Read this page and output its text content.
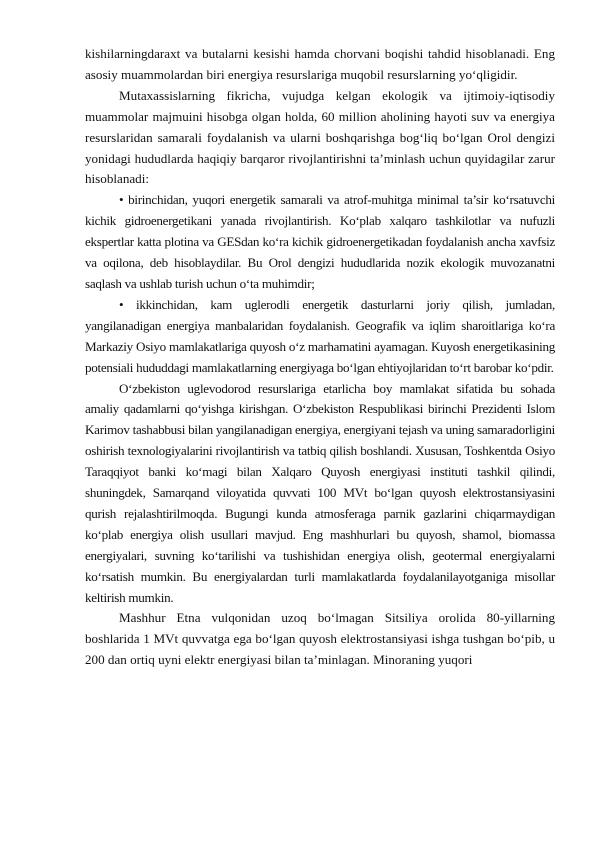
kishilarningdaraxt va butalarni kesishi hamda chorvani boqishi tahdid hisoblanadi. Eng asosiy muammolardan biri energiya resurslariga muqobil resurslarning yo‘qligidir.

Mutaxassislarning fikricha, vujudga kelgan ekologik va ijtimoiy-iqtisodiy muammolar majmuini hisobga olgan holda, 60 million aholining hayoti suv va energiya resurslaridan samarali foydalanish va ularni boshqarishga bog‘liq bo‘lgan Orol dengizi yonidagi hududlarda haqiqiy barqaror rivojlantirishni ta’minlash uchun quyidagilar zarur hisoblanadi:

• birinchidan, yuqori energetik samarali va atrof-muhitga minimal ta’sir ko‘rsatuvchi kichik gidroenergetikani yanada rivojlantirish. Ko‘plab xalqaro tashkilotlar va nufuzli ekspertlar katta plotina va GESdan ko‘ra kichik gidroenergetikadan foydalanish ancha xavfsiz va oqilona, deb hisoblaydilar. Bu Orol dengizi hududlarida nozik ekologik muvozanatni saqlash va ushlab turish uchun o‘ta muhimdir;

• ikkinchidan, kam uglerodli energetik dasturlarni joriy qilish, jumladan, yangilanadigan energiya manbalaridan foydalanish. Geografik va iqlim sharoitlariga ko‘ra Markaziy Osiyo mamlakatlariga quyosh o‘z marhamatini ayamagan. Kuyosh energetikasining potensiali hududdagi mamlakatlarning energiyaga bo‘lgan ehtiyojlaridan to‘rt barobar ko‘pdir.

O‘zbekiston uglevodorod resurslariga etarlicha boy mamlakat sifatida bu sohada amaliy qadamlarni qo‘yishga kirishgan. O‘zbekiston Respublikasi birinchi Prezidenti Islom Karimov tashabbusi bilan yangilanadigan energiya, energiyani tejash va uning samaradorligini oshirish texnologiyalarini rivojlantirish va tatbiq qilish boshlandi. Xususan, Toshkentda Osiyo Taraqqiyot banki ko‘magi bilan Xalqaro Quyosh energiyasi instituti tashkil qilindi, shuningdek, Samarqand viloyatida quvvati 100 MVt bo‘lgan quyosh elektrostansiyasini qurish rejalashtirilmoqda. Bugungi kunda atmosferaga parnik gazlarini chiqarmaydigan ko‘plab energiya olish usullari mavjud. Eng mashhurlari bu quyosh, shamol, biomassa energiyalari, suvning ko‘tarilishi va tushishidan energiya olish, geotermal energiyalarni ko‘rsatish mumkin. Bu energiyalardan turli mamlakatlarda foydalanilayotganiga misollar keltirish mumkin.

Mashhur Etna vulqonidan uzoq bo‘lmagan Sitsiliya orolida 80-yillarning boshlarida 1 MVt quvvatga ega bo‘lgan quyosh elektrostansiyasi ishga tushgan bo‘pib, u 200 dan ortiq uyni elektr energiyasi bilan ta’minlagan. Minoraning yuqori
